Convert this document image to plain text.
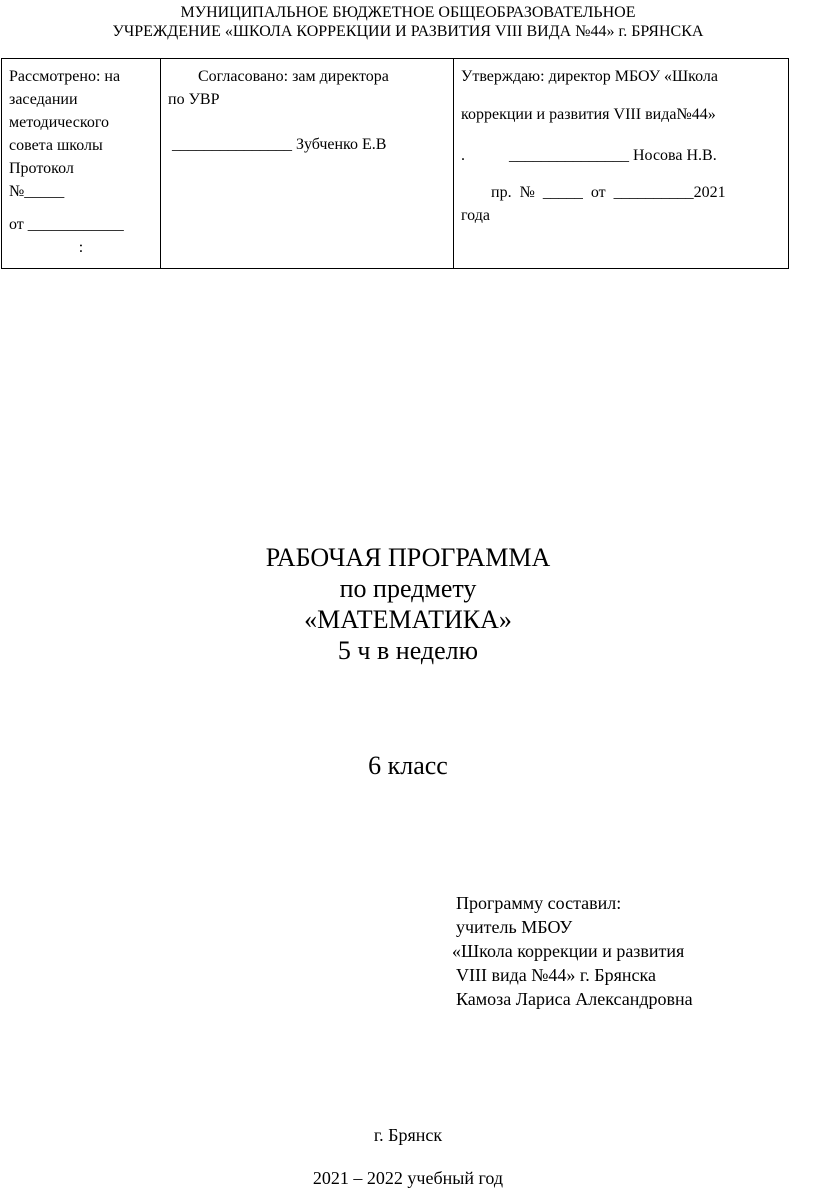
МУНИЦИПАЛЬНОЕ БЮДЖЕТНОЕ ОБЩЕОБРАЗОВАТЕЛЬНОЕ
УЧРЕЖДЕНИЕ «ШКОЛА КОРРЕКЦИИ И РАЗВИТИЯ VIII ВИДА №44» г. БРЯНСКА
Рассмотрено: на
заседании
методического
совета школы
Протокол
№_____
от ____________
:

Согласовано: зам директора
по УВР
_______________ Зубченко Е.В

Утверждаю: директор МБОУ «Школа
коррекции и развития VIII вида№44»
.           _______________ Носова Н.В.
пр.  №  _____  от  __________2021
года
РАБОЧАЯ ПРОГРАММА
по предмету
«МАТЕМАТИКА»
5 ч в неделю
6 класс
Программу составил:
учитель МБОУ
«Школа коррекции и развития
VIII вида №44» г. Брянска
Камоза Лариса Александровна
г. Брянск
2021 – 2022 учебный год
